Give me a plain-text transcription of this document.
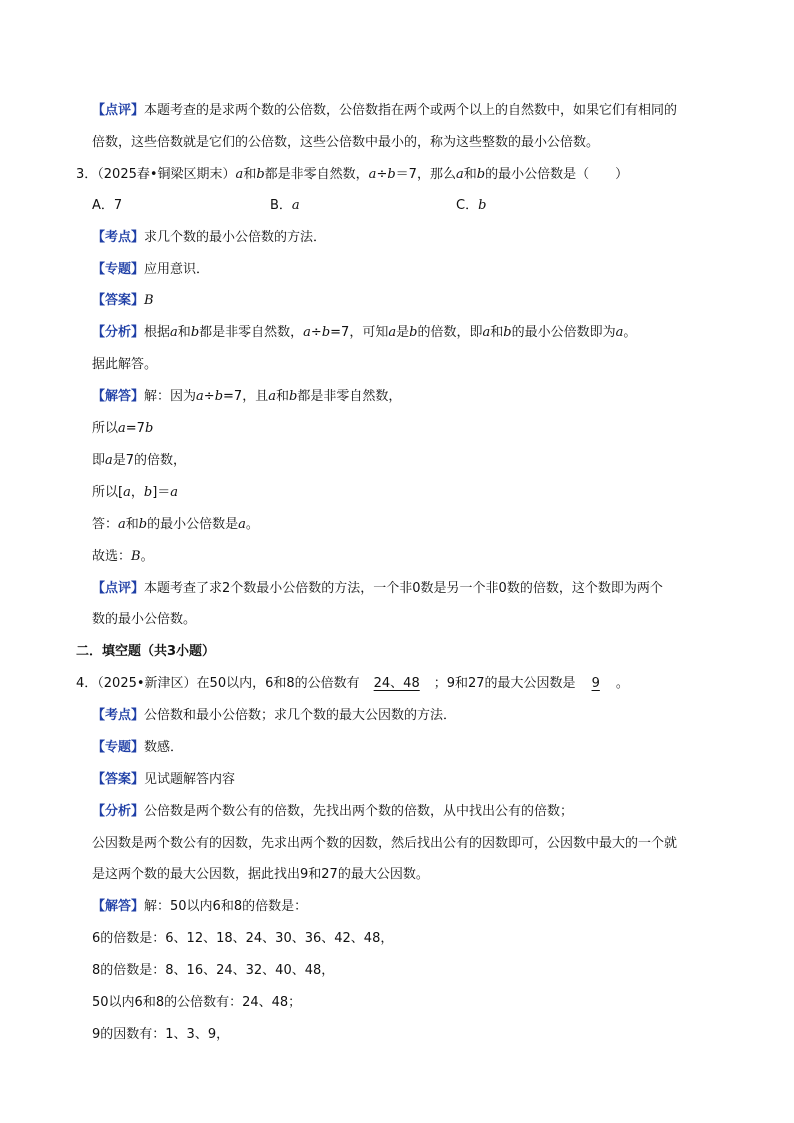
【点评】本题考查的是求两个数的公倍数，公倍数指在两个或两个以上的自然数中，如果它们有相同的
倍数，这些倍数就是它们的公倍数，这些公倍数中最小的，称为这些整数的最小公倍数。
3．（2025春•铜梁区期末）a和b都是非零自然数，a÷b＝7，那么a和b的最小公倍数是（　　）
A．7	B．a	C．b
【考点】求几个数的最小公倍数的方法．
【专题】应用意识．
【答案】B
【分析】根据a和b都是非零自然数，a÷b=7，可知a是b的倍数，即a和b的最小公倍数即为a。
据此解答。
【解答】解：因为a÷b=7，且a和b都是非零自然数，
所以a=7b
即a是7的倍数，
所以[a，b]＝a
答：a和b的最小公倍数是a。
故选：B。
【点评】本题考查了求2个数最小公倍数的方法，一个非0数是另一个非0数的倍数，这个数即为两个
数的最小公倍数。
二．填空题（共3小题）
4．（2025•新津区）在50以内，6和8的公倍数有 24、48 ；9和27的最大公因数是 9 。
【考点】公倍数和最小公倍数；求几个数的最大公因数的方法．
【专题】数感．
【答案】见试题解答内容
【分析】公倍数是两个数公有的倍数，先找出两个数的倍数，从中找出公有的倍数；
公因数是两个数公有的因数，先求出两个数的因数，然后找出公有的因数即可，公因数中最大的一个就
是这两个数的最大公因数，据此找出9和27的最大公因数。
【解答】解：50以内6和8的倍数是：
6的倍数是：6、12、18、24、30、36、42、48，
8的倍数是：8、16、24、32、40、48，
50以内6和8的公倍数有：24、48；
9的因数有：1、3、9，
